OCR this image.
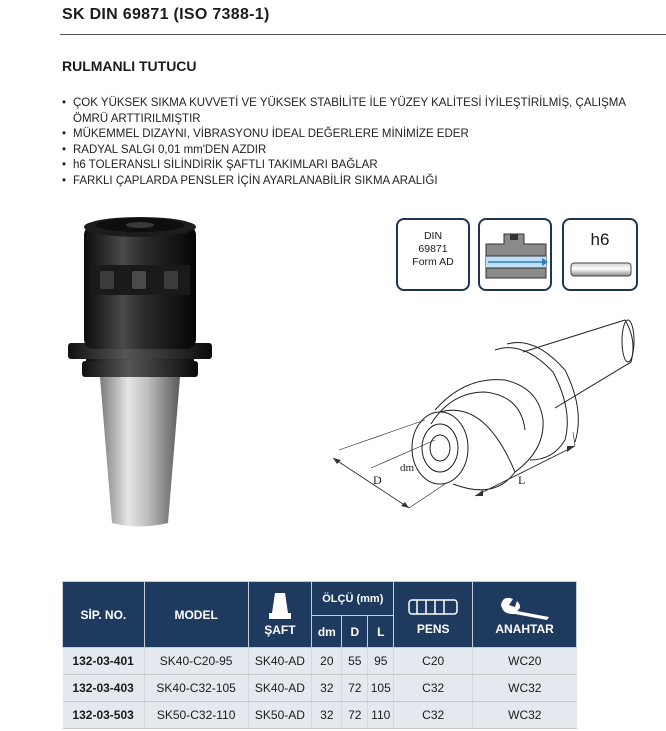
SK DIN 69871 (ISO 7388-1)
RULMANLI TUTUCU
• ÇOK YÜKSEK SIKMA KUVVETİ VE YÜKSEK STABİLİTE İLE YÜZEY KALİTESİ İYİLEŞTİRİLMİŞ, ÇALIŞMA ÖMRÜ ARTTIRILMIŞTIR
• MÜKEMMEL DIZAYNI, VİBRASYONU İDEAL DEĞERLERE MİNİMİZE EDER
• RADYAL SALGI 0,01 mm'DEN AZDIR
• h6 TOLERANSLI SİLİNDİRİK ŞAFTLI TAKIMLARI BAĞLAR
• FARKLI ÇAPLARDA PENSLER İÇİN AYARLANABİLİR SIKMA ARALIĞI
DIN
69871
Form AD
h6
D
dm
L
SİP. NO.	MODEL	ŞAFT	ÖLÇÜ (mm)			PENS	ANAHTAR

			dm	D	L		
132-03-401	SK40-C20-95	SK40-AD	20	55	95	C20	WC20
132-03-403	SK40-C32-105	SK40-AD	32	72	105	C32	WC32
132-03-503	SK50-C32-110	SK50-AD	32	72	110	C32	WC32
